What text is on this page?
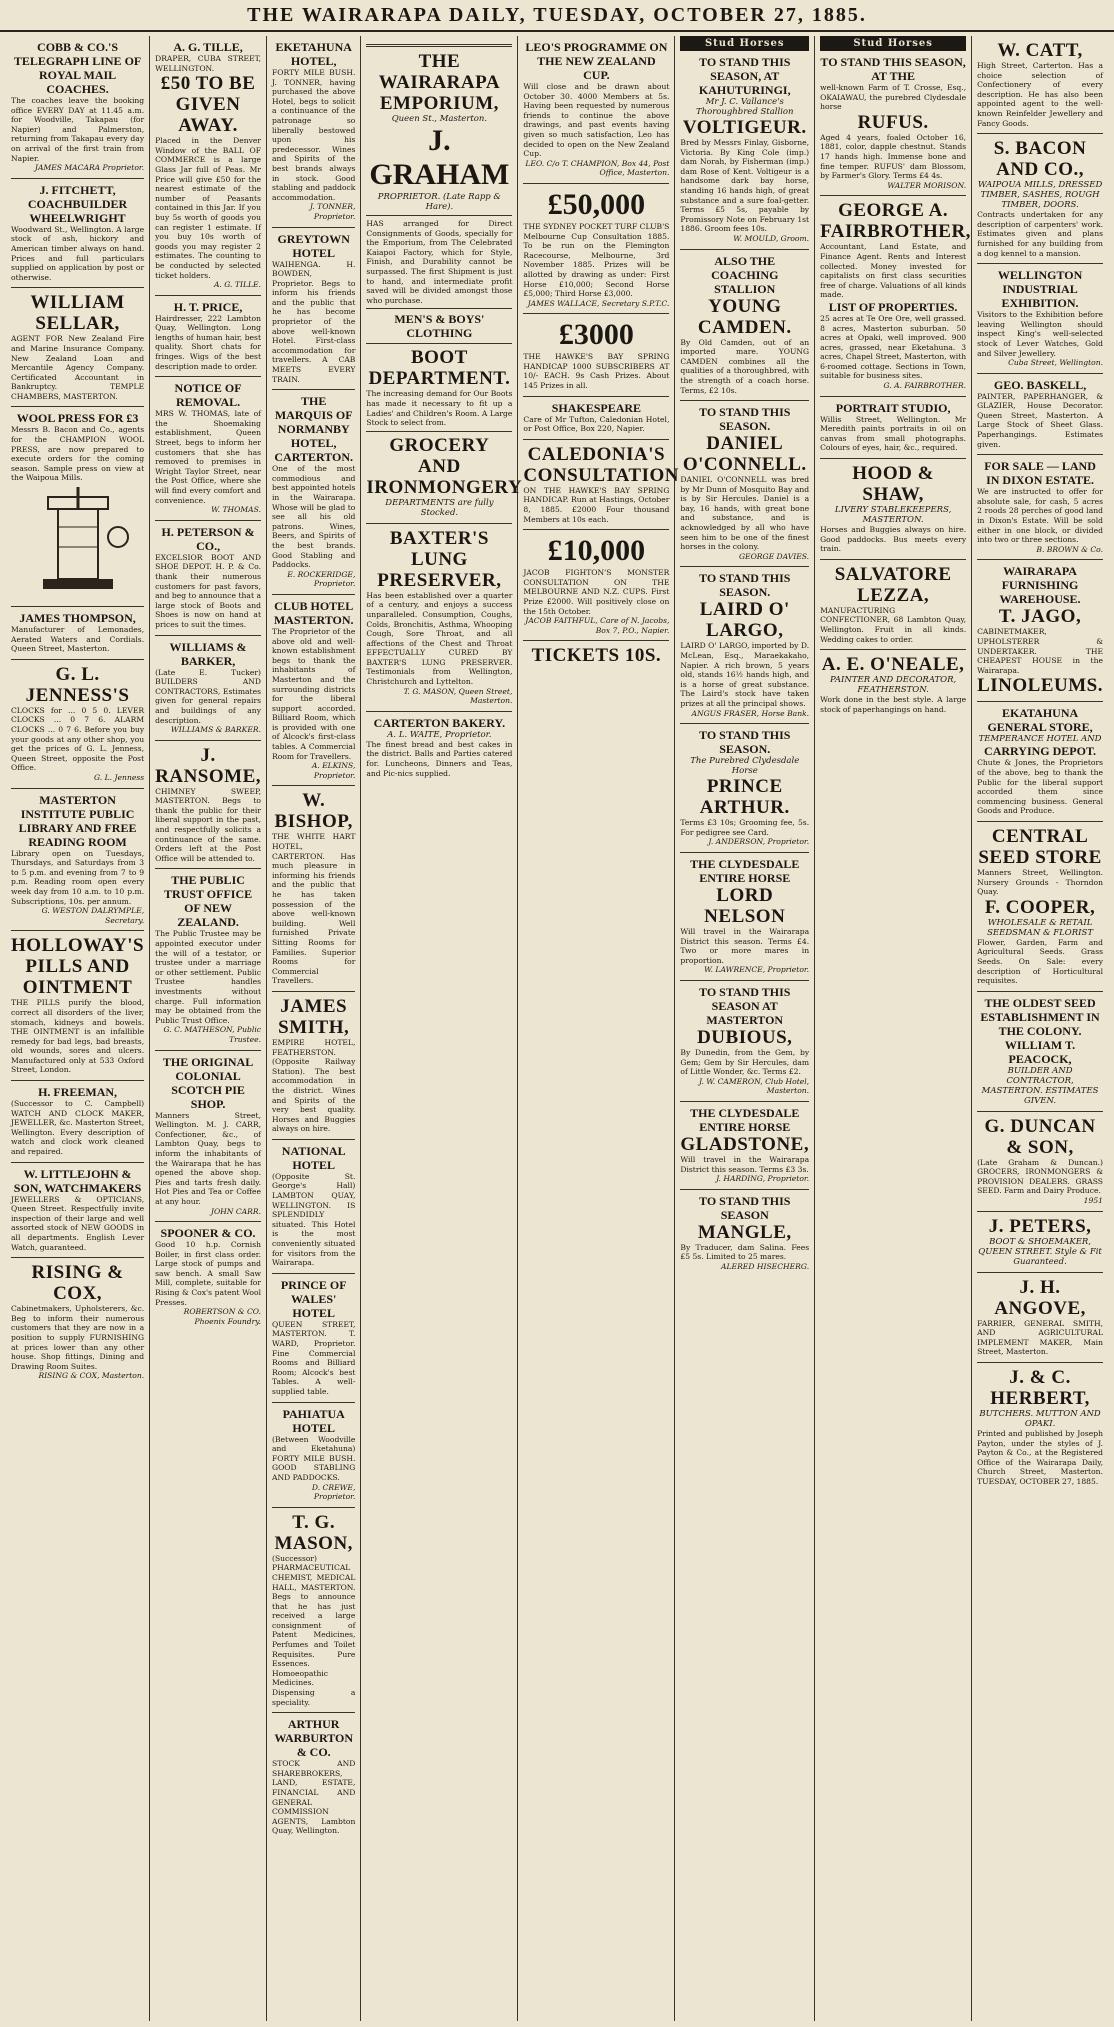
THE WAIRARAPA DAILY, TUESDAY, OCTOBER 27, 1885.
COBB & CO.'S TELEGRAPH LINE OF ROYAL MAIL COACHES.
The coaches leave the booking office EVERY DAY at 11.45 a.m. for Woodville, Takapau (for Napier) and Palmerston, returning from Takapau every day on arrival of the first train from Napier.
JAMES MACARA Proprietor.
J. FITCHETT, COACHBUILDER WHEELWRIGHT
Woodward St., Wellington. A large stock of ash, hickory and American timber always on hand. Prices and full particulars supplied on application by post or otherwise.
WILLIAM SELLAR,
AGENT FOR New Zealand Fire and Marine Insurance Company. New Zealand Loan and Mercantile Agency Company. Certificated Accountant in Bankruptcy. TEMPLE CHAMBERS, MASTERTON.
WOOL PRESS FOR £3
Messrs B. Bacon and Co., agents for the CHAMPION WOOL PRESS, are now prepared to execute orders for the coming season. Sample press on view at the Waipoua Mills.
JAMES THOMPSON,
Manufacturer of Lemonades, Aerated Waters and Cordials. Queen Street, Masterton.
G. L. JENNESS'S
CLOCKS for ... 0 5 0. LEVER CLOCKS ... 0 7 6. ALARM CLOCKS ... 0 7 6. Before you buy your goods at any other shop, you get the prices of G. L. Jenness, Queen Street, opposite the Post Office.
G. L. Jenness
MASTERTON INSTITUTE PUBLIC LIBRARY AND FREE READING ROOM
Library open on Tuesdays, Thursdays, and Saturdays from 3 to 5 p.m. and evening from 7 to 9 p.m. Reading room open every week day from 10 a.m. to 10 p.m. Subscriptions, 10s. per annum.
G. WESTON DALRYMPLE, Secretary.
HOLLOWAY'S PILLS AND OINTMENT
THE PILLS purify the blood, correct all disorders of the liver, stomach, kidneys and bowels. THE OINTMENT is an infallible remedy for bad legs, bad breasts, old wounds, sores and ulcers. Manufactured only at 533 Oxford Street, London.
H. FREEMAN,
(Successor to C. Campbell) WATCH AND CLOCK MAKER, JEWELLER, &c. Masterton Street, Wellington. Every description of watch and clock work cleaned and repaired.
W. LITTLEJOHN & SON, WATCHMAKERS
JEWELLERS & OPTICIANS, Queen Street. Respectfully invite inspection of their large and well assorted stock of NEW GOODS in all departments. English Lever Watch, guaranteed.
RISING & COX,
Cabinetmakers, Upholsterers, &c. Beg to inform their numerous customers that they are now in a position to supply FURNISHING at prices lower than any other house. Shop fittings, Dining and Drawing Room Suites.
RISING & COX, Masterton.
A. G. TILLE,
DRAPER, CUBA STREET, WELLINGTON.
£50 TO BE GIVEN AWAY.
Placed in the Denver Window of the BALL OF COMMERCE is a large Glass Jar full of Peas. Mr Price will give £50 for the nearest estimate of the number of Peasants contained in this Jar. If you buy 5s worth of goods you can register 1 estimate. If you buy 10s worth of goods you may register 2 estimates. The counting to be conducted by selected ticket holders.
A. G. TILLE.
H. T. PRICE,
Hairdresser, 222 Lambton Quay, Wellington. Long lengths of human hair, best quality. Short chats for fringes. Wigs of the best description made to order.
NOTICE OF REMOVAL.
MRS W. THOMAS, late of the Shoemaking establishment, Queen Street, begs to inform her customers that she has removed to premises in Wright Taylor Street, near the Post Office, where she will find every comfort and convenience.
W. THOMAS.
H. PETERSON & CO.,
EXCELSIOR BOOT AND SHOE DEPOT. H. P. & Co. thank their numerous customers for past favors, and beg to announce that a large stock of Boots and Shoes is now on hand at prices to suit the times.
WILLIAMS & BARKER,
(Late E. Tucker) BUILDERS AND CONTRACTORS, Estimates given for general repairs and buildings of any description.
WILLIAMS & BARKER.
J. RANSOME,
CHIMNEY SWEEP, MASTERTON. Begs to thank the public for their liberal support in the past, and respectfully solicits a continuance of the same. Orders left at the Post Office will be attended to.
THE PUBLIC TRUST OFFICE OF NEW ZEALAND.
The Public Trustee may be appointed executor under the will of a testator, or trustee under a marriage or other settlement. Public Trustee handles investments without charge. Full information may be obtained from the Public Trust Office.
G. C. MATHESON, Public Trustee.
THE ORIGINAL COLONIAL SCOTCH PIE SHOP.
Manners Street, Wellington. M. J. CARR, Confectioner, &c., of Lambton Quay, begs to inform the inhabitants of the Wairarapa that he has opened the above shop. Pies and tarts fresh daily. Hot Pies and Tea or Coffee at any hour.
JOHN CARR.
SPOONER & CO.
Good 10 h.p. Cornish Boiler, in first class order. Large stock of pumps and saw bench. A small Saw Mill, complete, suitable for Rising & Cox's patent Wool Presses.
ROBERTSON & CO. Phoenix Foundry.
EKETAHUNA HOTEL,
FORTY MILE BUSH. J. TONNER, having purchased the above Hotel, begs to solicit a continuance of the patronage so liberally bestowed upon his predecessor. Wines and Spirits of the best brands always in stock. Good stabling and paddock accommodation.
J. TONNER, Proprietor.
GREYTOWN HOTEL
WAIHENGA. H. BOWDEN, Proprietor. Begs to inform his friends and the public that he has become proprietor of the above well-known Hotel. First-class accommodation for travellers. A CAB MEETS EVERY TRAIN.
THE MARQUIS OF NORMANBY HOTEL, CARTERTON.
One of the most commodious and best appointed hotels in the Wairarapa. Whose will be glad to see all his old patrons. Wines, Beers, and Spirits of the best brands. Good Stabling and Paddocks.
E. ROCKERIDGE, Proprietor.
CLUB HOTEL MASTERTON.
The Proprietor of the above old and well-known establishment begs to thank the inhabitants of Masterton and the surrounding districts for the liberal support accorded. Billiard Room, which is provided with one of Alcock's first-class tables. A Commercial Room for Travellers.
A. ELKINS, Proprietor.
W. BISHOP,
THE WHITE HART HOTEL, CARTERTON. Has much pleasure in informing his friends and the public that he has taken possession of the above well-known building. Well furnished Private Sitting Rooms for Families. Superior Rooms for Commercial Travellers.
JAMES SMITH,
EMPIRE HOTEL, FEATHERSTON. (Opposite Railway Station). The best accommodation in the district. Wines and Spirits of the very best quality. Horses and Buggies always on hire.
NATIONAL HOTEL
(Opposite St. George's Hall) LAMBTON QUAY, WELLINGTON. IS SPLENDIDLY situated. This Hotel is the most conveniently situated for visitors from the Wairarapa.
PRINCE OF WALES' HOTEL
QUEEN STREET, MASTERTON. T. WARD, Proprietor. Fine Commercial Rooms and Billiard Room; Alcock's best Tables. A well-supplied table.
PAHIATUA HOTEL
(Between Woodville and Eketahuna) FORTY MILE BUSH. GOOD STABLING AND PADDOCKS.
D. CREWE, Proprietor.
T. G. MASON,
(Successor) PHARMACEUTICAL CHEMIST, MEDICAL HALL, MASTERTON. Begs to announce that he has just received a large consignment of Patent Medicines, Perfumes and Toilet Requisites. Pure Essences. Homoeopathic Medicines. Dispensing a speciality.
ARTHUR WARBURTON & CO.
STOCK AND SHAREBROKERS, LAND, ESTATE, FINANCIAL AND GENERAL COMMISSION AGENTS, Lambton Quay, Wellington.
THE WAIRARAPA EMPORIUM,
Queen St., Masterton.
J. GRAHAM
PROPRIETOR. (Late Rapp & Hare).
HAS arranged for Direct Consignments of Goods, specially for the Emporium, from The Celebrated Kaiapoi Factory, which for Style, Finish, and Durability cannot be surpassed. The first Shipment is just to hand, and intermediate profit saved will be divided amongst those who purchase.
MEN'S & BOYS' CLOTHING
BOOT DEPARTMENT.
The increasing demand for Our Boots has made it necessary to fit up a Ladies' and Children's Room. A Large Stock to select from.
GROCERY AND IRONMONGERY
DEPARTMENTS are fully Stocked.
BAXTER'S LUNG PRESERVER,
Has been established over a quarter of a century, and enjoys a success unparalleled. Consumption, Coughs, Colds, Bronchitis, Asthma, Whooping Cough, Sore Throat, and all affections of the Chest and Throat EFFECTUALLY CURED BY BAXTER'S LUNG PRESERVER. Testimonials from Wellington, Christchurch and Lyttelton.
T. G. MASON, Queen Street, Masterton.
CARTERTON BAKERY.
A. L. WAITE, Proprietor.
The finest bread and best cakes in the district. Balls and Parties catered for. Luncheons, Dinners and Teas, and Pic-nics supplied.
LEO'S PROGRAMME ON THE NEW ZEALAND CUP.
Will close and be drawn about October 30. 4000 Members at 5s. Having been requested by numerous friends to continue the above drawings, and past events having given so much satisfaction, Leo has decided to open on the New Zealand Cup.
LEO. C/o T. CHAMPION, Box 44, Post Office, Masterton.
£50,000
THE SYDNEY POCKET TURF CLUB'S Melbourne Cup Consultation 1885. To be run on the Flemington Racecourse, Melbourne, 3rd November 1885. Prizes will be allotted by drawing as under: First Horse £10,000; Second Horse £5,000; Third Horse £3,000.
JAMES WALLACE, Secretary S.P.T.C.
£3000
THE HAWKE'S BAY SPRING HANDICAP 1000 SUBSCRIBERS AT 10/- EACH. 9s Cash Prizes. About 145 Prizes in all.
SHAKESPEARE
Care of Mr Tufton, Caledonian Hotel, or Post Office, Box 220, Napier.
CALEDONIA'S CONSULTATION
ON THE HAWKE'S BAY SPRING HANDICAP. Run at Hastings, October 8, 1885. £2000 Four thousand Members at 10s each.
£10,000
JACOB FIGHTON'S MONSTER CONSULTATION ON THE MELBOURNE AND N.Z. CUPS. First Prize £2000. Will positively close on the 15th October.
JACOB FAITHFUL, Care of N. Jacobs, Box 7, P.O., Napier.
TICKETS 10S.
Stud Horses
TO STAND THIS SEASON, AT KAHUTURINGI,
Mr J. C. Vallance's Thoroughbred Stallion
VOLTIGEUR.
Bred by Messrs Finlay, Gisborne, Victoria. By King Cole (imp.) dam Norah, by Fisherman (imp.) dam Rose of Kent. Voltigeur is a handsome dark bay horse, standing 16 hands high, of great substance and a sure foal-getter. Terms £5 5s, payable by Promissory Note on February 1st 1886. Groom fees 10s.
W. MOULD, Groom.
ALSO THE COACHING STALLION
YOUNG CAMDEN.
By Old Camden, out of an imported mare. YOUNG CAMDEN combines all the qualities of a thoroughbred, with the strength of a coach horse. Terms, £2 10s.
TO STAND THIS SEASON.
DANIEL O'CONNELL.
DANIEL O'CONNELL was bred by Mr Dunn of Mosquito Bay and is by Sir Hercules. Daniel is a bay, 16 hands, with great bone and substance, and is acknowledged by all who have seen him to be one of the finest horses in the colony.
GEORGE DAVIES.
TO STAND THIS SEASON.
LAIRD O' LARGO,
LAIRD O' LARGO, imported by D. McLean, Esq., Maraekakaho, Napier. A rich brown, 5 years old, stands 16½ hands high, and is a horse of great substance. The Laird's stock have taken prizes at all the principal shows.
ANGUS FRASER, Horse Bank.
TO STAND THIS SEASON.
The Purebred Clydesdale Horse
PRINCE ARTHUR.
Terms £3 10s; Grooming fee, 5s. For pedigree see Card.
J. ANDERSON, Proprietor.
THE CLYDESDALE ENTIRE HORSE
LORD NELSON
Will travel in the Wairarapa District this season. Terms £4. Two or more mares in proportion.
W. LAWRENCE, Proprietor.
TO STAND THIS SEASON AT MASTERTON
DUBIOUS,
By Dunedin, from the Gem, by Gem; Gem by Sir Hercules, dam of Little Wonder, &c. Terms £2.
J. W. CAMERON, Club Hotel, Masterton.
THE CLYDESDALE ENTIRE HORSE
GLADSTONE,
Will travel in the Wairarapa District this season. Terms £3 3s.
J. HARDING, Proprietor.
TO STAND THIS SEASON
MANGLE,
By Traducer, dam Salina. Fees £5 5s. Limited to 25 mares.
ALERED HISECHERG.
Stud Horses
TO STAND THIS SEASON, AT THE
well-known Farm of T. Crosse, Esq., OKAIAWAU, the purebred Clydesdale horse
RUFUS.
Aged 4 years, foaled October 16, 1881, color, dapple chestnut. Stands 17 hands high. Immense bone and fine temper. RUFUS' dam Blossom, by Farmer's Glory. Terms £4 4s.
WALTER MORISON.
GEORGE A. FAIRBROTHER,
Accountant, Land Estate, and Finance Agent. Rents and Interest collected. Money invested for capitalists on first class securities free of charge. Valuations of all kinds made.
LIST OF PROPERTIES.
25 acres at Te Ore Ore, well grassed. 8 acres, Masterton suburban. 50 acres at Opaki, well improved. 900 acres, grassed, near Eketahuna. 3 acres, Chapel Street, Masterton, with 6-roomed cottage. Sections in Town, suitable for business sites.
G. A. FAIRBROTHER.
PORTRAIT STUDIO,
Willis Street, Wellington. Mr Meredith paints portraits in oil on canvas from small photographs. Colours of eyes, hair, &c., required.
HOOD & SHAW,
LIVERY STABLEKEEPERS, MASTERTON.
Horses and Buggies always on hire. Good paddocks. Bus meets every train.
SALVATORE LEZZA,
MANUFACTURING CONFECTIONER, 68 Lambton Quay, Wellington. Fruit in all kinds. Wedding cakes to order.
A. E. O'NEALE,
PAINTER AND DECORATOR, FEATHERSTON.
Work done in the best style. A large stock of paperhangings on hand.
W. CATT,
High Street, Carterton. Has a choice selection of Confectionery of every description. He has also been appointed agent to the well-known Reinfelder Jewellery and Fancy Goods.
S. BACON AND CO.,
WAIPOUA MILLS, DRESSED TIMBER, SASHES, ROUGH TIMBER, DOORS.
Contracts undertaken for any description of carpenters' work. Estimates given and plans furnished for any building from a dog kennel to a mansion.
WELLINGTON INDUSTRIAL EXHIBITION.
Visitors to the Exhibition before leaving Wellington should inspect King's well-selected stock of Lever Watches, Gold and Silver Jewellery.
Cuba Street, Wellington.
GEO. BASKELL,
PAINTER, PAPERHANGER, & GLAZIER, House Decorator. Queen Street, Masterton. A Large Stock of Sheet Glass. Paperhangings. Estimates given.
FOR SALE — LAND IN DIXON ESTATE.
We are instructed to offer for absolute sale, for cash, 5 acres 2 roods 28 perches of good land in Dixon's Estate. Will be sold either in one block, or divided into two or three sections.
B. BROWN & Co.
WAIRARAPA FURNISHING WAREHOUSE.
T. JAGO,
CABINETMAKER, UPHOLSTERER & UNDERTAKER. THE CHEAPEST HOUSE in the Wairarapa.
LINOLEUMS.
EKATAHUNA GENERAL STORE,
TEMPERANCE HOTEL AND
CARRYING DEPOT.
Chute & Jones, the Proprietors of the above, beg to thank the Public for the liberal support accorded them since commencing business. General Goods and Produce.
CENTRAL SEED STORE
Manners Street, Wellington. Nursery Grounds - Thorndon Quay.
F. COOPER,
WHOLESALE & RETAIL SEEDSMAN & FLORIST
Flower, Garden, Farm and Agricultural Seeds. Grass Seeds. On Sale: every description of Horticultural requisites.
THE OLDEST SEED ESTABLISHMENT IN THE COLONY.
WILLIAM T. PEACOCK,
BUILDER AND CONTRACTOR, MASTERTON. ESTIMATES GIVEN.
G. DUNCAN & SON,
(Late Graham & Duncan.) GROCERS, IRONMONGERS & PROVISION DEALERS. GRASS SEED. Farm and Dairy Produce.
1951
J. PETERS,
BOOT & SHOEMAKER, QUEEN STREET. Style & Fit Guaranteed.
J. H. ANGOVE,
FARRIER, GENERAL SMITH, AND AGRICULTURAL IMPLEMENT MAKER, Main Street, Masterton.
J. & C. HERBERT,
BUTCHERS. MUTTON AND OPAKI.
Printed and published by Joseph Payton, under the styles of J. Payton & Co., at the Registered Office of the Wairarapa Daily, Church Street, Masterton. TUESDAY, OCTOBER 27, 1885.
